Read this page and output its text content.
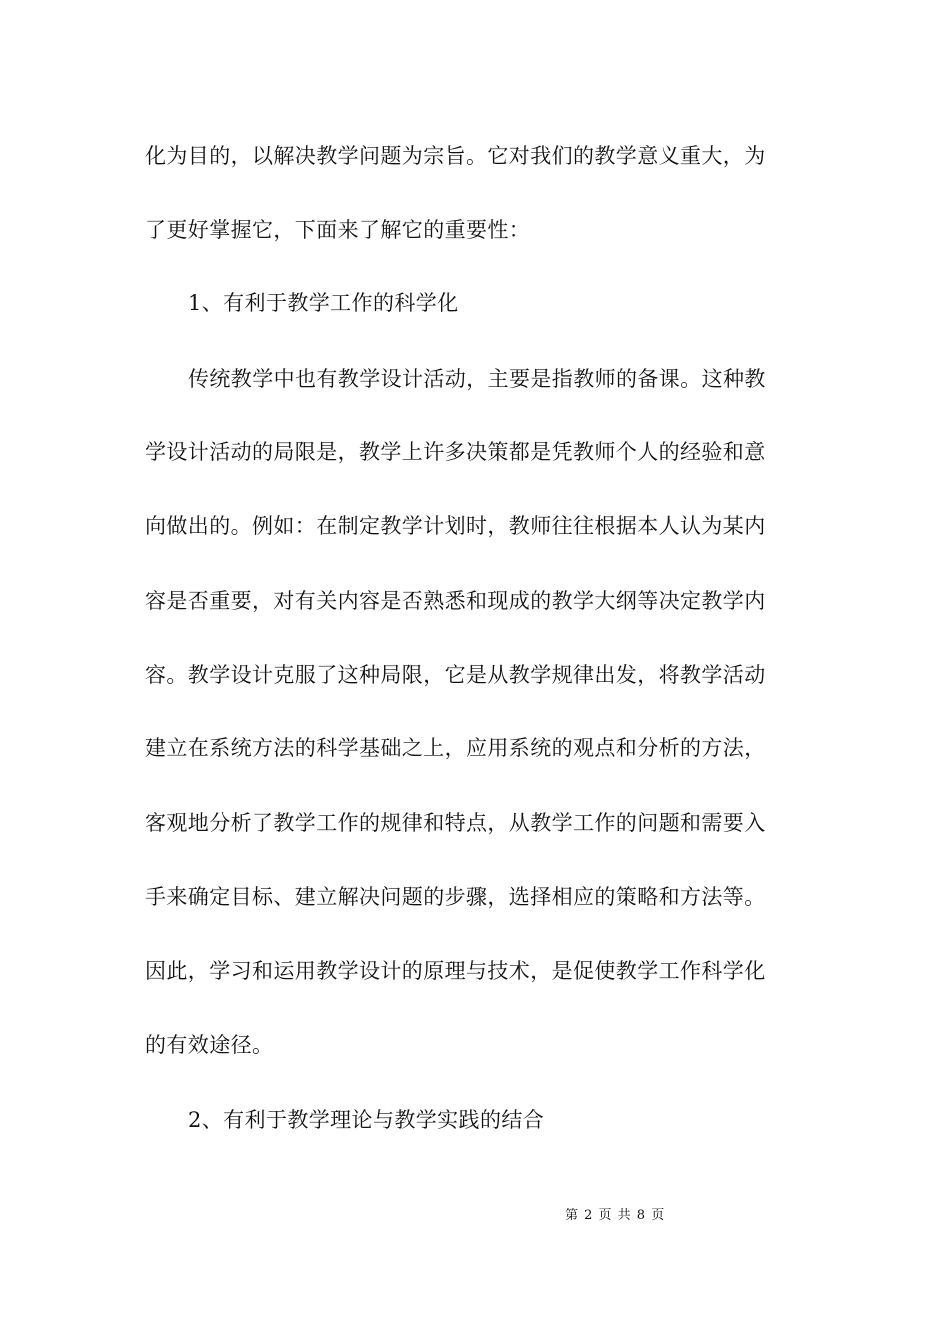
化为目的，以解决教学问题为宗旨。它对我们的教学意义重大，为
了更好掌握它，下面来了解它的重要性：
1、有利于教学工作的科学化
传统教学中也有教学设计活动，主要是指教师的备课。这种教
学设计活动的局限是，教学上许多决策都是凭教师个人的经验和意
向做出的。例如：在制定教学计划时，教师往往根据本人认为某内
容是否重要，对有关内容是否熟悉和现成的教学大纲等决定教学内
容。教学设计克服了这种局限，它是从教学规律出发，将教学活动
建立在系统方法的科学基础之上，应用系统的观点和分析的方法，
客观地分析了教学工作的规律和特点，从教学工作的问题和需要入
手来确定目标、建立解决问题的步骤，选择相应的策略和方法等。
因此，学习和运用教学设计的原理与技术，是促使教学工作科学化
的有效途径。
2、有利于教学理论与教学实践的结合
第 2 页 共 8 页
